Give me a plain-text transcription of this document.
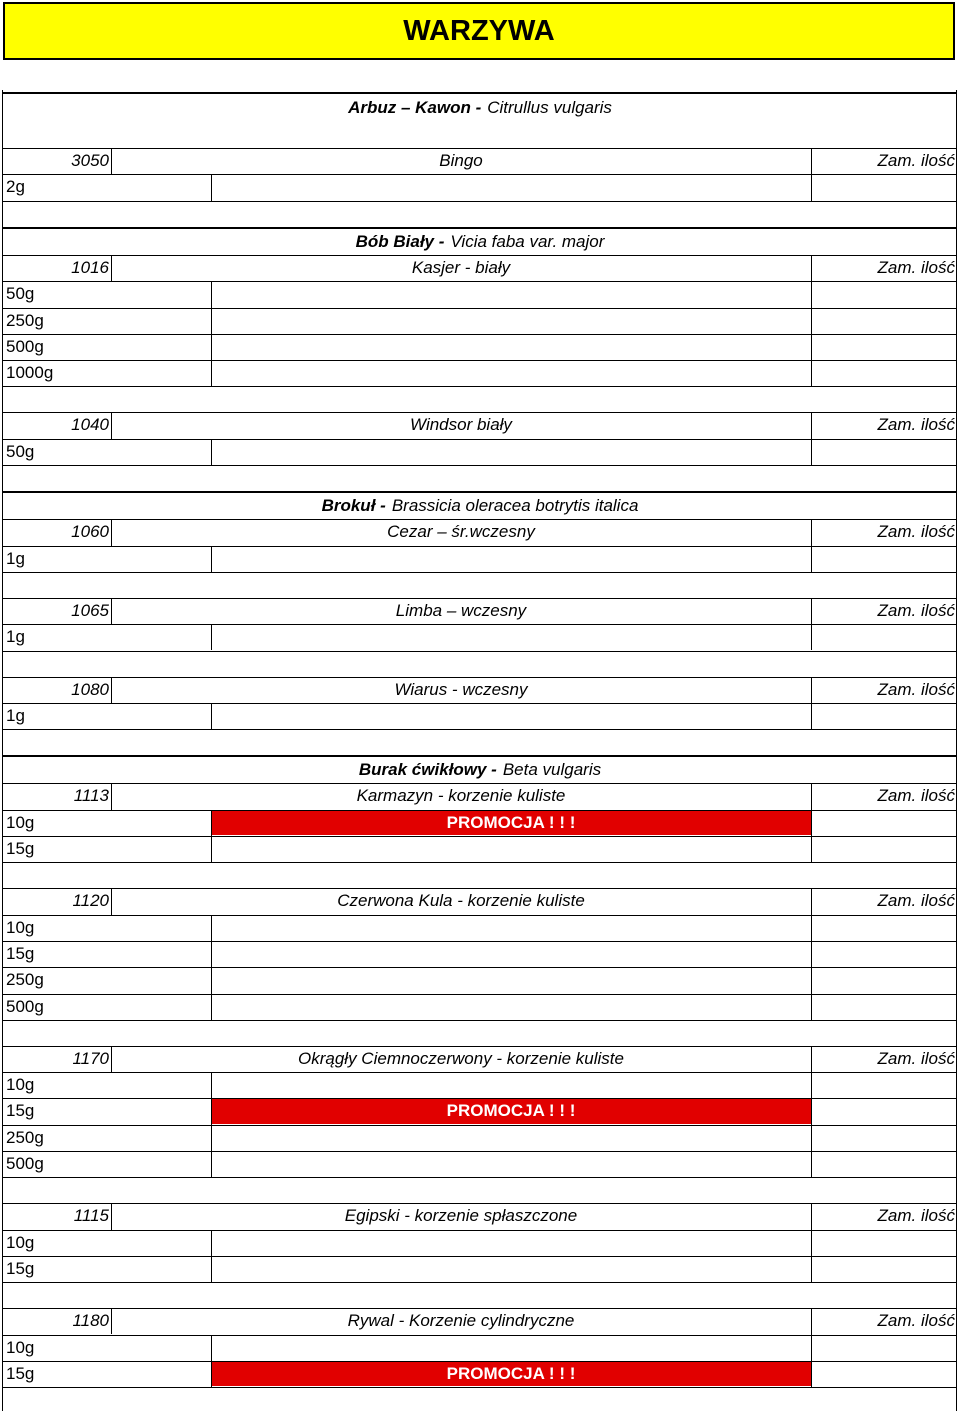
WARZYWA
Arbuz – Kawon - Citrullus vulgaris
3050	Bingo	Zam. ilość
2g
Bób Biały - Vicia faba var. major
1016	Kasjer - biały	Zam. ilość
50g
250g
500g
1000g
1040	Windsor biały	Zam. ilość
50g
Brokuł - Brassicia oleracea botrytis italica
1060	Cezar – śr.wczesny	Zam. ilość
1g
1065	Limba – wczesny	Zam. ilość
1g
1080	Wiarus - wczesny	Zam. ilość
1g
Burak ćwikłowy - Beta vulgaris
1113	Karmazyn - korzenie kuliste	Zam. ilość
10g	PROMOCJA ! ! !
15g
1120	Czerwona Kula - korzenie kuliste	Zam. ilość
10g
15g
250g
500g
1170	Okrągły Ciemnoczerwony - korzenie kuliste	Zam. ilość
10g
15g	PROMOCJA ! ! !
250g
500g
1115	Egipski - korzenie spłaszczone	Zam. ilość
10g
15g
1180	Rywal - Korzenie cylindryczne	Zam. ilość
10g
15g	PROMOCJA ! ! !
